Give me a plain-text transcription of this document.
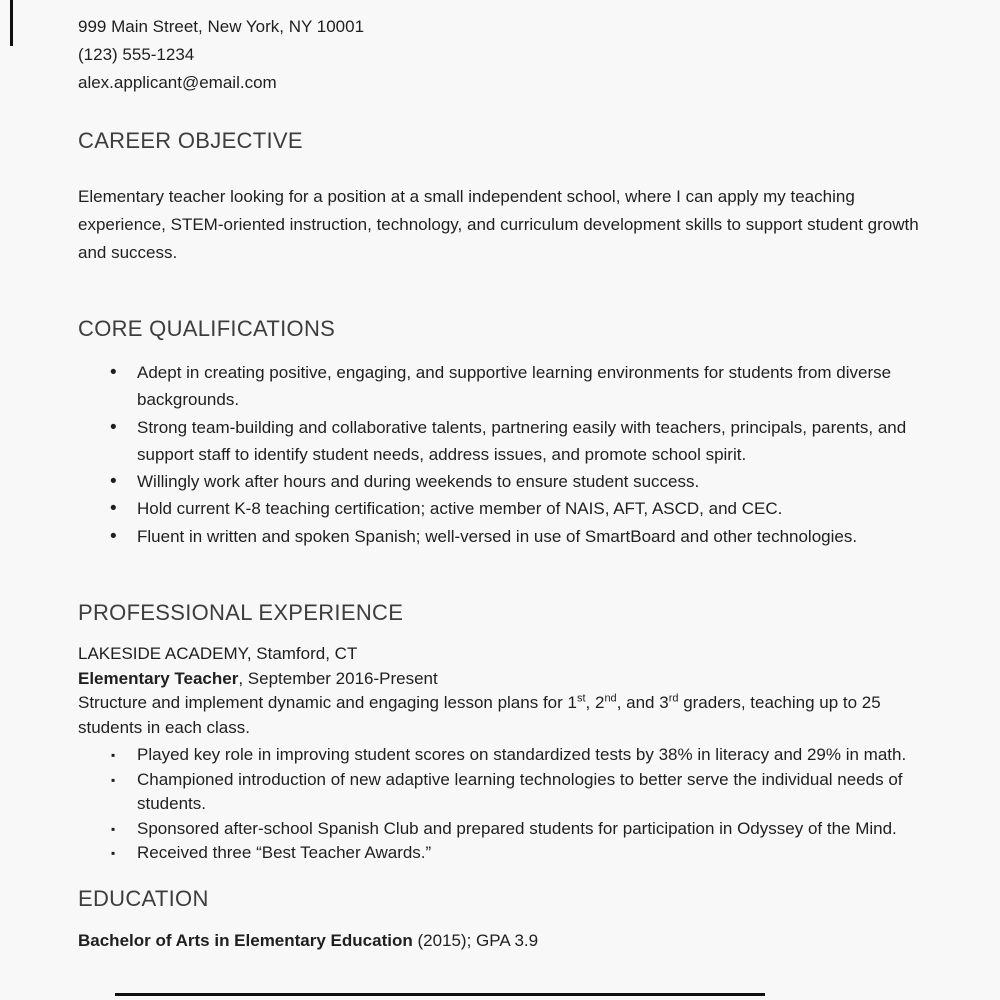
999 Main Street, New York, NY 10001
(123) 555-1234
alex.applicant@email.com
CAREER OBJECTIVE

Elementary teacher looking for a position at a small independent school, where I can apply my teaching experience, STEM-oriented instruction, technology, and curriculum development skills to support student growth and success.

CORE QUALIFICATIONS
• Adept in creating positive, engaging, and supportive learning environments for students from diverse backgrounds.
• Strong team-building and collaborative talents, partnering easily with teachers, principals, parents, and support staff to identify student needs, address issues, and promote school spirit.
• Willingly work after hours and during weekends to ensure student success.
• Hold current K-8 teaching certification; active member of NAIS, AFT, ASCD, and CEC.
• Fluent in written and spoken Spanish; well-versed in use of SmartBoard and other technologies.
PROFESSIONAL EXPERIENCE
LAKESIDE ACADEMY, Stamford, CT
Elementary Teacher, September 2016-Present
Structure and implement dynamic and engaging lesson plans for 1st, 2nd, and 3rd graders, teaching up to 25 students in each class.
▪ Played key role in improving student scores on standardized tests by 38% in literacy and 29% in math.
▪ Championed introduction of new adaptive learning technologies to better serve the individual needs of students.
▪ Sponsored after-school Spanish Club and prepared students for participation in Odyssey of the Mind.
▪ Received three “Best Teacher Awards.”
EDUCATION
Bachelor of Arts in Elementary Education (2015); GPA 3.9
